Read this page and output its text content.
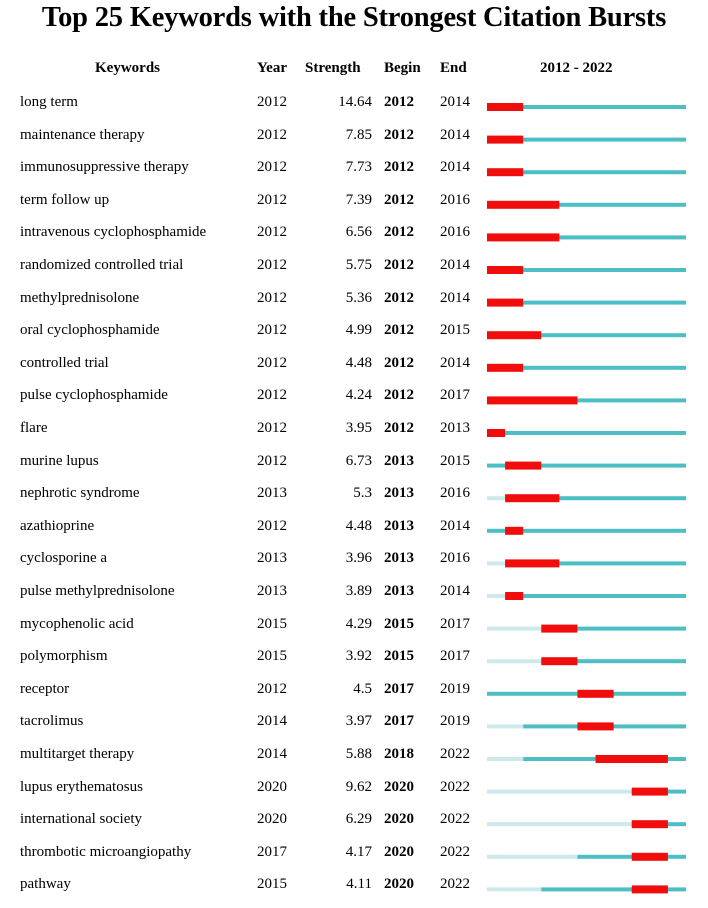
Top 25 Keywords with the Strongest Citation Bursts
Keywords	Year Strength Begin End	2012 - 2022
long term	2012	14.64 2012 2014
maintenance therapy	2012	7.85 2012 2014
immunosuppressive therapy	2012	7.73 2012 2014
term follow up	2012	7.39 2012 2016
intravenous cyclophosphamide	2012	6.56 2012 2016
randomized controlled trial	2012	5.75 2012 2014
methylprednisolone	2012	5.36 2012 2014
oral cyclophosphamide	2012	4.99 2012 2015
controlled trial	2012	4.48 2012 2014
pulse cyclophosphamide	2012	4.24 2012 2017
flare	2012	3.95 2012 2013
murine lupus	2012	6.73 2013 2015
nephrotic syndrome	2013	5.3 2013 2016
azathioprine	2012	4.48 2013 2014
cyclosporine a	2013	3.96 2013 2016
pulse methylprednisolone	2013	3.89 2013 2014
mycophenolic acid	2015	4.29 2015 2017
polymorphism	2015	3.92 2015 2017
receptor	2012	4.5 2017 2019
tacrolimus	2014	3.97 2017 2019
multitarget therapy	2014	5.88 2018 2022
lupus erythematosus	2020	9.62 2020 2022
international society	2020	6.29 2020 2022
thrombotic microangiopathy	2017	4.17 2020 2022
pathway	2015	4.11 2020 2022
